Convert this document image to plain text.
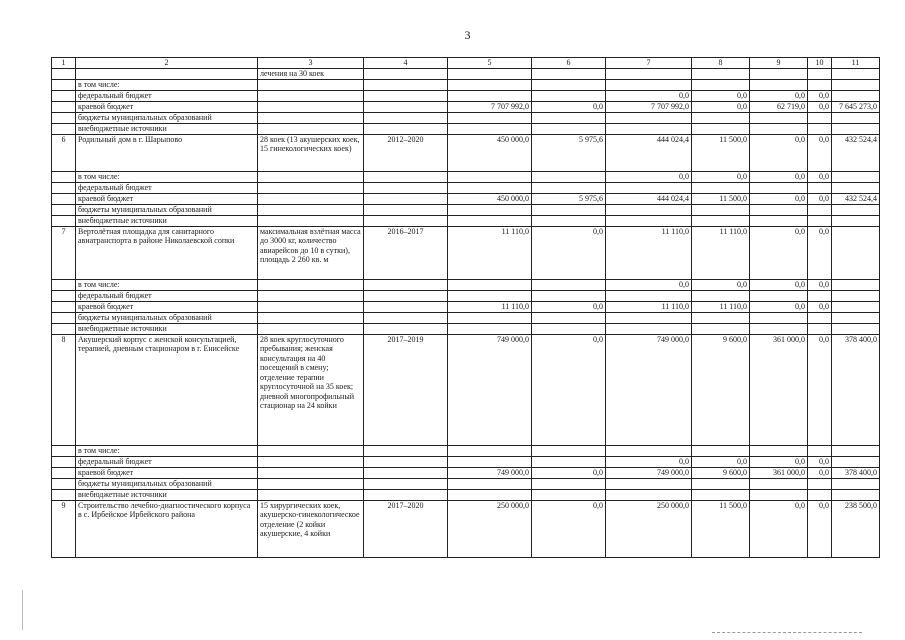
3
1	2	3	4	5	6	7	8	9	10	11
		лечения на 30 коек								
	в том числе:									
	федеральный бюджет					0,0	0,0	0,0	0,0	
	краевой бюджет			7 707 992,0	0,0	7 707 992,0	0,0	62 719,0	0,0	7 645 273,0
	бюджеты муниципальных образований									
	внебюджетные источники									
6	Родильный дом в г. Шарыпово	28 коек (13 акушерских коек, 15 гинекологических коек)	2012–2020	450 000,0	5 975,6	444 024,4	11 500,0	0,0	0,0	432 524,4
	в том числе:					0,0	0,0	0,0	0,0	
	федеральный бюджет									
	краевой бюджет			450 000,0	5 975,6	444 024,4	11 500,0	0,0	0,0	432 524,4
	бюджеты муниципальных образований									
	внебюджетные источники									
7	Вертолётная площадка для санитарного авиатранспорта в районе Николаевской сопки	максимальная взлётная масса до 3000 кг, количество авиарейсов до 10 в сутки), площадь 2 260 кв. м	2016–2017	11 110,0	0,0	11 110,0	11 110,0	0,0	0,0	
	в том числе:					0,0	0,0	0,0	0,0	
	федеральный бюджет									
	краевой бюджет			11 110,0	0,0	11 110,0	11 110,0	0,0	0,0	
	бюджеты муниципальных образований									
	внебюджетные источники									
8	Акушерский корпус с женской консультацией, терапией, дневным стационаром в г. Енисейске	28 коек круглосуточного пребывания; женская консультация на 40 посещений в смену; отделение терапии круглосуточной на 35 коек; дневной многопрофильный стационар на 24 койки	2017–2019	749 000,0	0,0	749 000,0	9 600,0	361 000,0	0,0	378 400,0
	в том числе:									
	федеральный бюджет					0,0	0,0	0,0	0,0	
	краевой бюджет			749 000,0	0,0	749 000,0	9 600,0	361 000,0	0,0	378 400,0
	бюджеты муниципальных образований									
	внебюджетные источники									
9	Строительство лечебно-диагностического корпуса в с. Ирбейское Ирбейского района	15 хирургических коек, акушерско-гинекологическое отделение (2 койки акушерские, 4 койки	2017–2020	250 000,0	0,0	250 000,0	11 500,0	0,0	0,0	238 500,0
